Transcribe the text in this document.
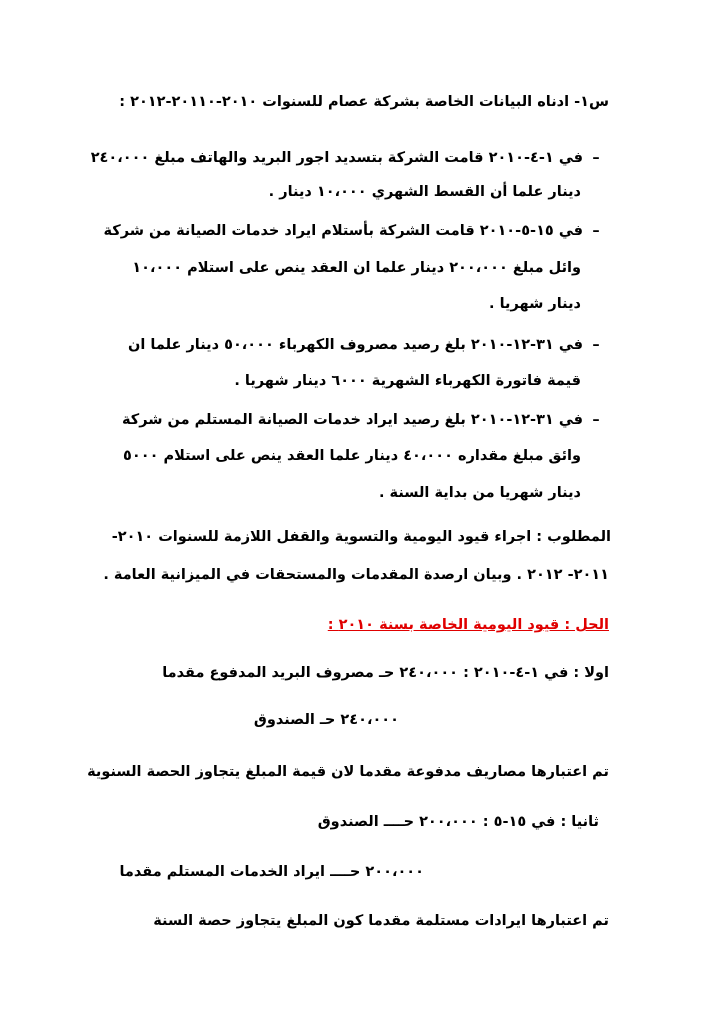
س١- ادناه البيانات الخاصة بشركة عصام للسنوات ٢٠١٠-٢٠١١٠-٢٠١٢ :
–في ١-٤-٢٠١٠ قامت الشركة بتسديد اجور البريد والهاتف مبلغ ٢٤٠،٠٠٠
دينار علما أن القسط الشهري ١٠،٠٠٠ دينار .
–في ١٥-٥-٢٠١٠ قامت الشركة بأستلام ايراد خدمات الصيانة من شركة
وائل مبلغ ٢٠٠،٠٠٠ دينار علما ان العقد ينص على استلام ١٠،٠٠٠
دينار شهريا .
–في ٣١-١٢-٢٠١٠ بلغ رصيد مصروف الكهرباء ٥٠،٠٠٠ دينار علما ان
قيمة فاتورة الكهرباء الشهرية ٦٠٠٠ دينار شهريا .
–في ٣١-١٢-٢٠١٠ بلغ رصيد ايراد خدمات الصيانة المستلم من شركة
وائق مبلغ مقداره ٤٠،٠٠٠ دينار علما العقد ينص على استلام ٥٠٠٠
دينار شهريا من بداية السنة .
المطلوب : اجراء قيود اليومية والتسوية والقفل اللازمة للسنوات ٢٠١٠-
٢٠١١- ٢٠١٢ . وبيان ارصدة المقدمات والمستحقات في الميزانية العامة .
الحل : قيود اليومية الخاصة بسنة ٢٠١٠ :
اولا : في ١-٤-٢٠١٠ : ٢٤٠،٠٠٠ حـ مصروف البريد المدفوع مقدما
٢٤٠،٠٠٠ حـ الصندوق
تم اعتبارها مصاريف مدفوعة مقدما لان قيمة المبلغ يتجاوز الحصة السنوية
ثانيا : في ١٥-٥ : ٢٠٠،٠٠٠ حــــ الصندوق
٢٠٠،٠٠٠ حــــ ايراد الخدمات المستلم مقدما
تم اعتبارها ايرادات مستلمة مقدما كون المبلغ يتجاوز حصة السنة
